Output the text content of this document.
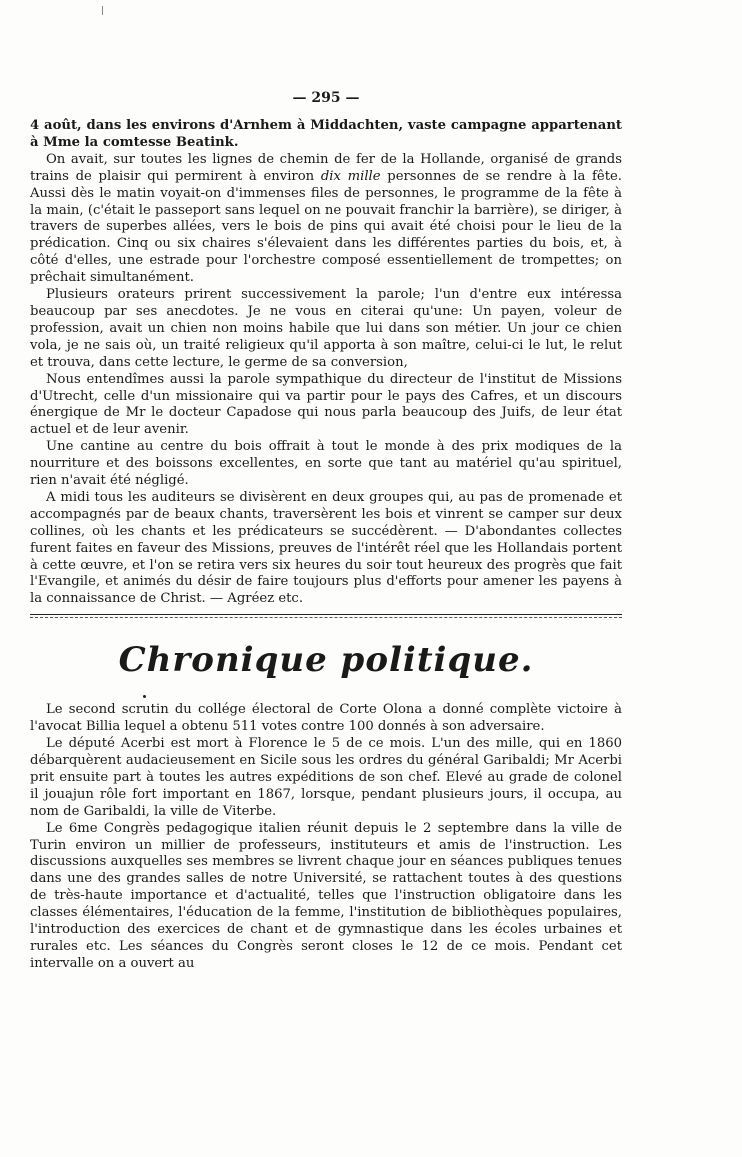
— 295 —

4 août, dans les environs d'Arnhem à Middachten, vaste campagne appartenant à Mme la comtesse Beatink.

On avait, sur toutes les lignes de chemin de fer de la Hollande, organisé de grands trains de plaisir qui permirent à environ dix mille personnes de se rendre à la fête. Aussi dès le matin voyait-on d'immenses files de personnes, le programme de la fête à la main, (c'était le passeport sans lequel on ne pouvait franchir la barrière), se diriger, à travers de superbes allées, vers le bois de pins qui avait été choisi pour le lieu de la prédication. Cinq ou six chaires s'élevaient dans les différentes parties du bois, et, à côté d'elles, une estrade pour l'orchestre composé essentiellement de trompettes; on prêchait simultanément.

Plusieurs orateurs prirent successivement la parole; l'un d'entre eux intéressa beaucoup par ses anecdotes. Je ne vous en citerai qu'une: Un payen, voleur de profession, avait un chien non moins habile que lui dans son métier. Un jour ce chien vola, je ne sais où, un traité religieux qu'il apporta à son maître, celui-ci le lut, le relut et trouva, dans cette lecture, le germe de sa conversion,

Nous entendîmes aussi la parole sympathique du directeur de l'institut de Missions d'Utrecht, celle d'un missionaire qui va partir pour le pays des Cafres, et un discours énergique de Mr le docteur Capadose qui nous parla beaucoup des Juifs, de leur état actuel et de leur avenir.

Une cantine au centre du bois offrait à tout le monde à des prix modiques de la nourriture et des boissons excellentes, en sorte que tant au matériel qu'au spirituel, rien n'avait été négligé.

A midi tous les auditeurs se divisèrent en deux groupes qui, au pas de promenade et accompagnés par de beaux chants, traversèrent les bois et vinrent se camper sur deux collines, où les chants et les prédicateurs se succédèrent. — D'abondantes collectes furent faites en faveur des Missions, preuves de l'intérêt réel que les Hollandais portent à cette œuvre, et l'on se retira vers six heures du soir tout heureux des progrès que fait l'Evangile, et animés du désir de faire toujours plus d'efforts pour amener les payens à la connaissance de Christ. — Agréez etc.

Chronique politique.

Le second scrutin du collége électoral de Corte Olona a donné complète victoire à l'avocat Billia lequel a obtenu 511 votes contre 100 donnés à son adversaire.

Le député Acerbi est mort à Florence le 5 de ce mois. L'un des mille, qui en 1860 débarquèrent audacieusement en Sicile sous les ordres du général Garibaldi; Mr Acerbi prit ensuite part à toutes les autres expéditions de son chef. Elevé au grade de colonel il jouajun rôle fort important en 1867, lorsque, pendant plusieurs jours, il occupa, au nom de Garibaldi, la ville de Viterbe.

Le 6me Congrès pedagogique italien réunit depuis le 2 septembre dans la ville de Turin environ un millier de professeurs, instituteurs et amis de l'instruction. Les discussions auxquelles ses membres se livrent chaque jour en séances publiques tenues dans une des grandes salles de notre Université, se rattachent toutes à des questions de très-haute importance et d'actualité, telles que l'instruction obligatoire dans les classes élémentaires, l'éducation de la femme, l'institution de bibliothèques populaires, l'introduction des exercices de chant et de gymnastique dans les écoles urbaines et rurales etc. Les séances du Congrès seront closes le 12 de ce mois. Pendant cet intervalle on a ouvert au
